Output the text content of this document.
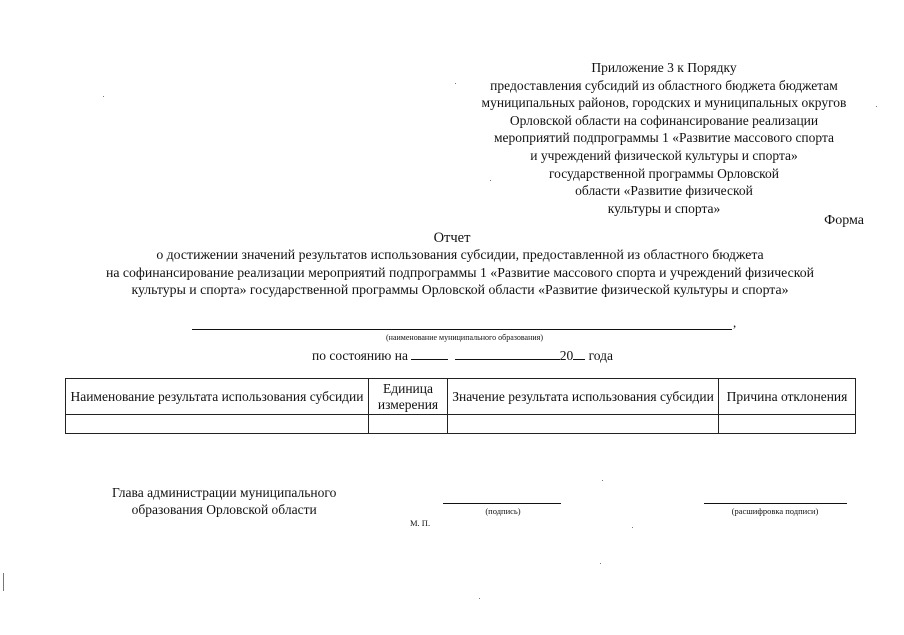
Приложение 3 к Порядку
предоставления субсидий из областного бюджета бюджетам
муниципальных районов, городских и муниципальных округов
Орловской области на софинансирование реализации
мероприятий подпрограммы 1 «Развитие массового спорта
и учреждений физической культуры и спорта»
государственной программы Орловской
области «Развитие физической
культуры и спорта»
Форма
Отчет
о достижении значений результатов использования субсидии, предоставленной из областного бюджета
на софинансирование реализации мероприятий подпрограммы 1 «Развитие массового спорта и учреждений физической
культуры и спорта» государственной программы Орловской области «Развитие физической культуры и спорта»
,
(наименование муниципального образования)
по состоянию на	20 года
Наименование результата использования субсидии	Единица измерения	Значение результата использования субсидии	Причина отклонения

Глава администрации муниципального
образования Орловской области	(подпись)	(расшифровка подписи)
М. П.
